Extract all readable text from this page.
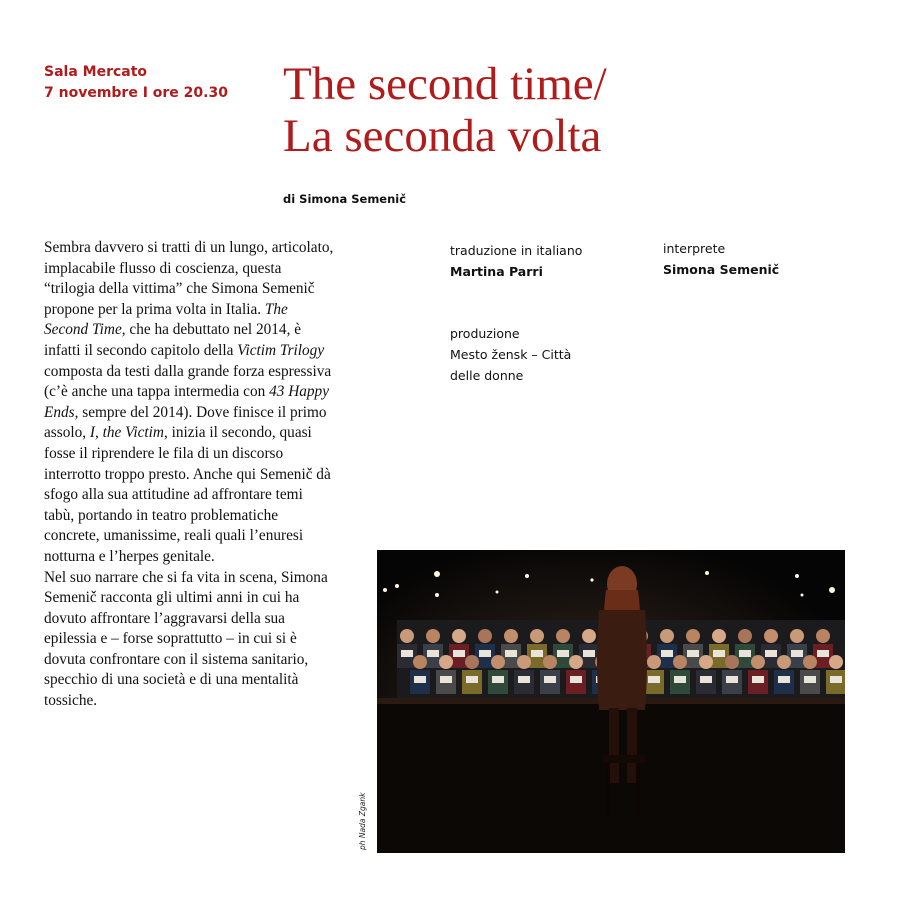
Sala Mercato
7 novembre I ore 20.30 The second time/
La seconda volta
di Simona Semenič
Sembra davvero si tratti di un lungo, articolato, implacabile flusso di coscienza, questa “trilogia della vittima” che Simona Semenič propone per la prima volta in Italia. The Second Time, che ha debuttato nel 2014, è infatti il secondo capitolo della Victim Trilogy composta da testi dalla grande forza espressiva (c’è anche una tappa intermedia con 43 Happy Ends, sempre del 2014). Dove finisce il primo assolo, I, the Victim, inizia il secondo, quasi fosse il riprendere le fila di un discorso interrotto troppo presto. Anche qui Semenič dà sfogo alla sua attitudine ad affrontare temi tabù, portando in teatro problematiche concrete, umanissime, reali quali l’enuresi notturna e l’herpes genitale.
Nel suo narrare che si fa vita in scena, Simona Semenič racconta gli ultimi anni in cui ha dovuto affrontare l’aggravarsi della sua epilessia e – forse soprattutto – in cui si è dovuta confrontare con il sistema sanitario, specchio di una società e di una mentalità tossiche.
traduzione in italiano
Martina Parri
interprete
Simona Semenič
produzione
Mesto žensk – Città
delle donne
ph Nada Zgank
